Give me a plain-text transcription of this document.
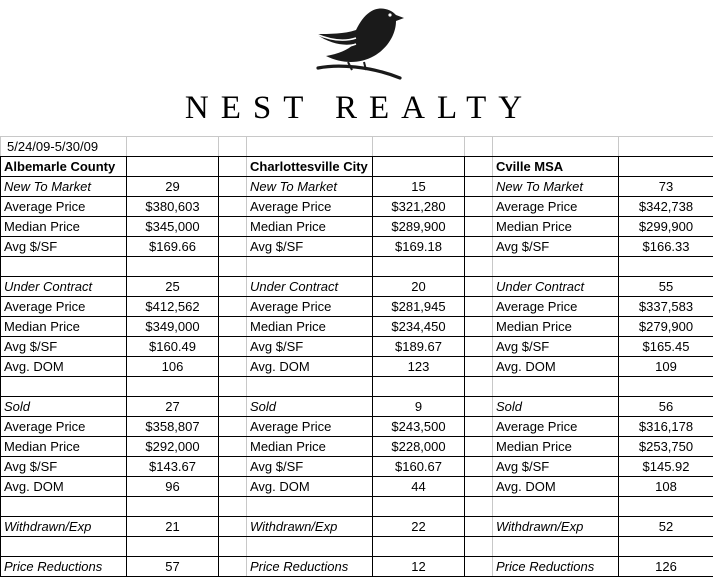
NEST REALTY
5/24/09-5/30/09							
Albemarle County			Charlottesville City			Cville MSA	
New To Market	29		New To Market	15		New To Market	73
Average Price	$380,603		Average Price	$321,280		Average Price	$342,738
Median Price	$345,000		Median Price	$289,900		Median Price	$299,900
Avg $/SF	$169.66		Avg $/SF	$169.18		Avg $/SF	$166.33

Under Contract	25		Under Contract	20		Under Contract	55
Average Price	$412,562		Average Price	$281,945		Average Price	$337,583
Median Price	$349,000		Median Price	$234,450		Median Price	$279,900
Avg $/SF	$160.49		Avg $/SF	$189.67		Avg $/SF	$165.45
Avg. DOM	106		Avg. DOM	123		Avg. DOM	109

Sold	27		Sold	9		Sold	56
Average Price	$358,807		Average Price	$243,500		Average Price	$316,178
Median Price	$292,000		Median Price	$228,000		Median Price	$253,750
Avg $/SF	$143.67		Avg $/SF	$160.67		Avg $/SF	$145.92
Avg. DOM	96		Avg. DOM	44		Avg. DOM	108

Withdrawn/Exp	21		Withdrawn/Exp	22		Withdrawn/Exp	52

Price Reductions	57		Price Reductions	12		Price Reductions	126
